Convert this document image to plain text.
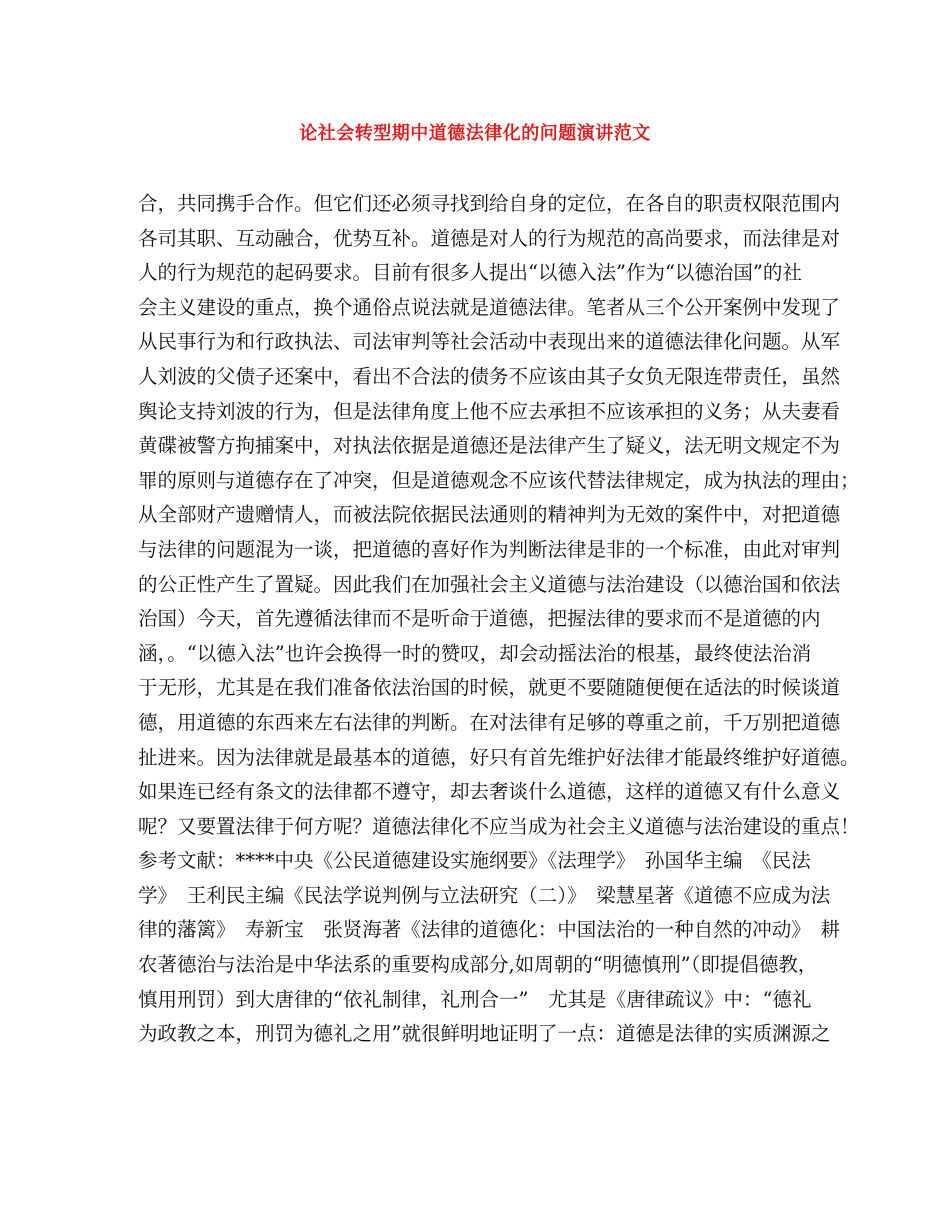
论社会转型期中道德法律化的问题演讲范文
合，共同携手合作。但它们还必须寻找到给自身的定位，在各自的职责权限范围内
各司其职、互动融合，优势互补。道德是对人的行为规范的高尚要求，而法律是对
人的行为规范的起码要求。目前有很多人提出“以德入法”作为“以德治国”的社
会主义建设的重点，换个通俗点说法就是道德法律。笔者从三个公开案例中发现了
从民事行为和行政执法、司法审判等社会活动中表现出来的道德法律化问题。从军
人刘波的父债子还案中，看出不合法的债务不应该由其子女负无限连带责任，虽然
舆论支持刘波的行为，但是法律角度上他不应去承担不应该承担的义务；从夫妻看
黄碟被警方拘捕案中，对执法依据是道德还是法律产生了疑义，法无明文规定不为
罪的原则与道德存在了冲突，但是道德观念不应该代替法律规定，成为执法的理由；
从全部财产遗赠情人，而被法院依据民法通则的精神判为无效的案件中，对把道德
与法律的问题混为一谈，把道德的喜好作为判断法律是非的一个标准，由此对审判
的公正性产生了置疑。因此我们在加强社会主义道德与法治建设（以德治国和依法
治国）今天，首先遵循法律而不是听命于道德，把握法律的要求而不是道德的内
涵，。“以德入法”也许会换得一时的赞叹，却会动摇法治的根基，最终使法治消
于无形，尤其是在我们准备依法治国的时候，就更不要随随便便在适法的时候谈道
德，用道德的东西来左右法律的判断。在对法律有足够的尊重之前，千万别把道德
扯进来。因为法律就是最基本的道德，好只有首先维护好法律才能最终维护好道德。
如果连已经有条文的法律都不遵守，却去奢谈什么道德，这样的道德又有什么意义
呢？又要置法律于何方呢？道德法律化不应当成为社会主义道德与法治建设的重点！
参考文献：****中央《公民道德建设实施纲要》《法理学》　孙国华主编　《民法
学》　王利民主编《民法学说判例与立法研究（二）》　梁慧星著《道德不应成为法
律的藩篱》　寿新宝　张贤海著《法律的道德化：中国法治的一种自然的冲动》　耕
农著德治与法治是中华法系的重要构成部分,如周朝的“明德慎刑”（即提倡德教，
慎用刑罚）到大唐律的“依礼制律，礼刑合一”　尤其是《唐律疏议》中：“德礼
为政教之本，刑罚为德礼之用”就很鲜明地证明了一点：道德是法律的实质渊源之
